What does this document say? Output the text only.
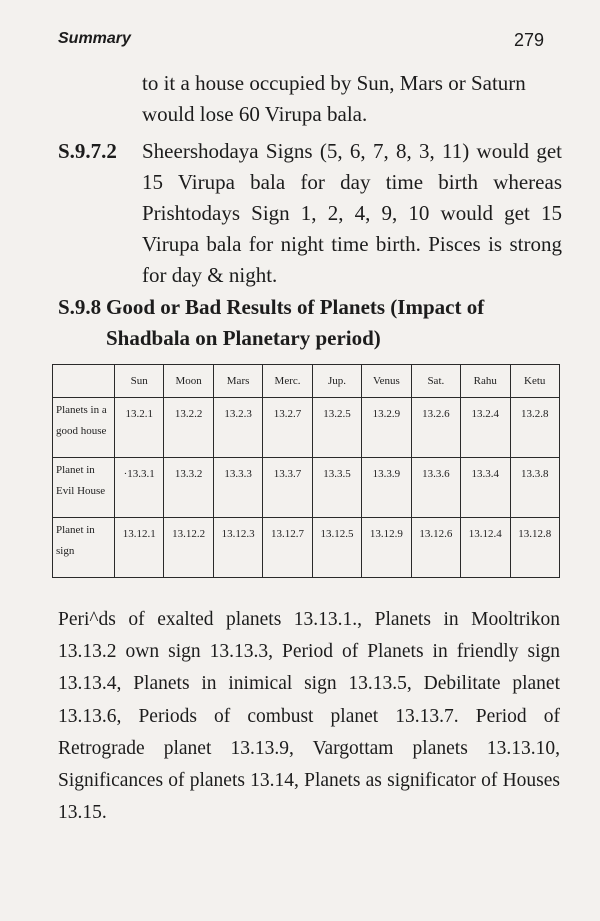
Summary	279
to it a house occupied by Sun, Mars or Saturn would lose 60 Virupa bala.
S.9.7.2	Sheershodaya Signs (5, 6, 7, 8, 3, 11) would get 15 Virupa bala for day time birth whereas Prishtodays Sign 1, 2, 4, 9, 10 would get 15 Virupa bala for night time birth. Pisces is strong for day & night.
S.9.8 Good or Bad Results of Planets (Impact of
Shadbala on Planetary period)
	Sun	Moon	Mars	Merc.	Jup.	Venus	Sat.	Rahu	Ketu
Planets in a good house	13.2.1	13.2.2	13.2.3	13.2.7	13.2.5	13.2.9	13.2.6	13.2.4	13.2.8
Planet in Evil House	·13.3.1	13.3.2	13.3.3	13.3.7	13.3.5	13.3.9	13.3.6	13.3.4	13.3.8
Planet in sign	13.12.1	13.12.2	13.12.3	13.12.7	13.12.5	13.12.9	13.12.6	13.12.4	13.12.8
Peri^ds of exalted planets 13.13.1., Planets in Mooltrikon 13.13.2 own sign 13.13.3, Period of Planets in friendly sign 13.13.4, Planets in inimical sign 13.13.5, Debilitate planet 13.13.6, Periods of combust planet 13.13.7. Period of Retrograde planet 13.13.9, Vargottam planets 13.13.10, Significances of planets 13.14, Planets as significator of Houses 13.15.
